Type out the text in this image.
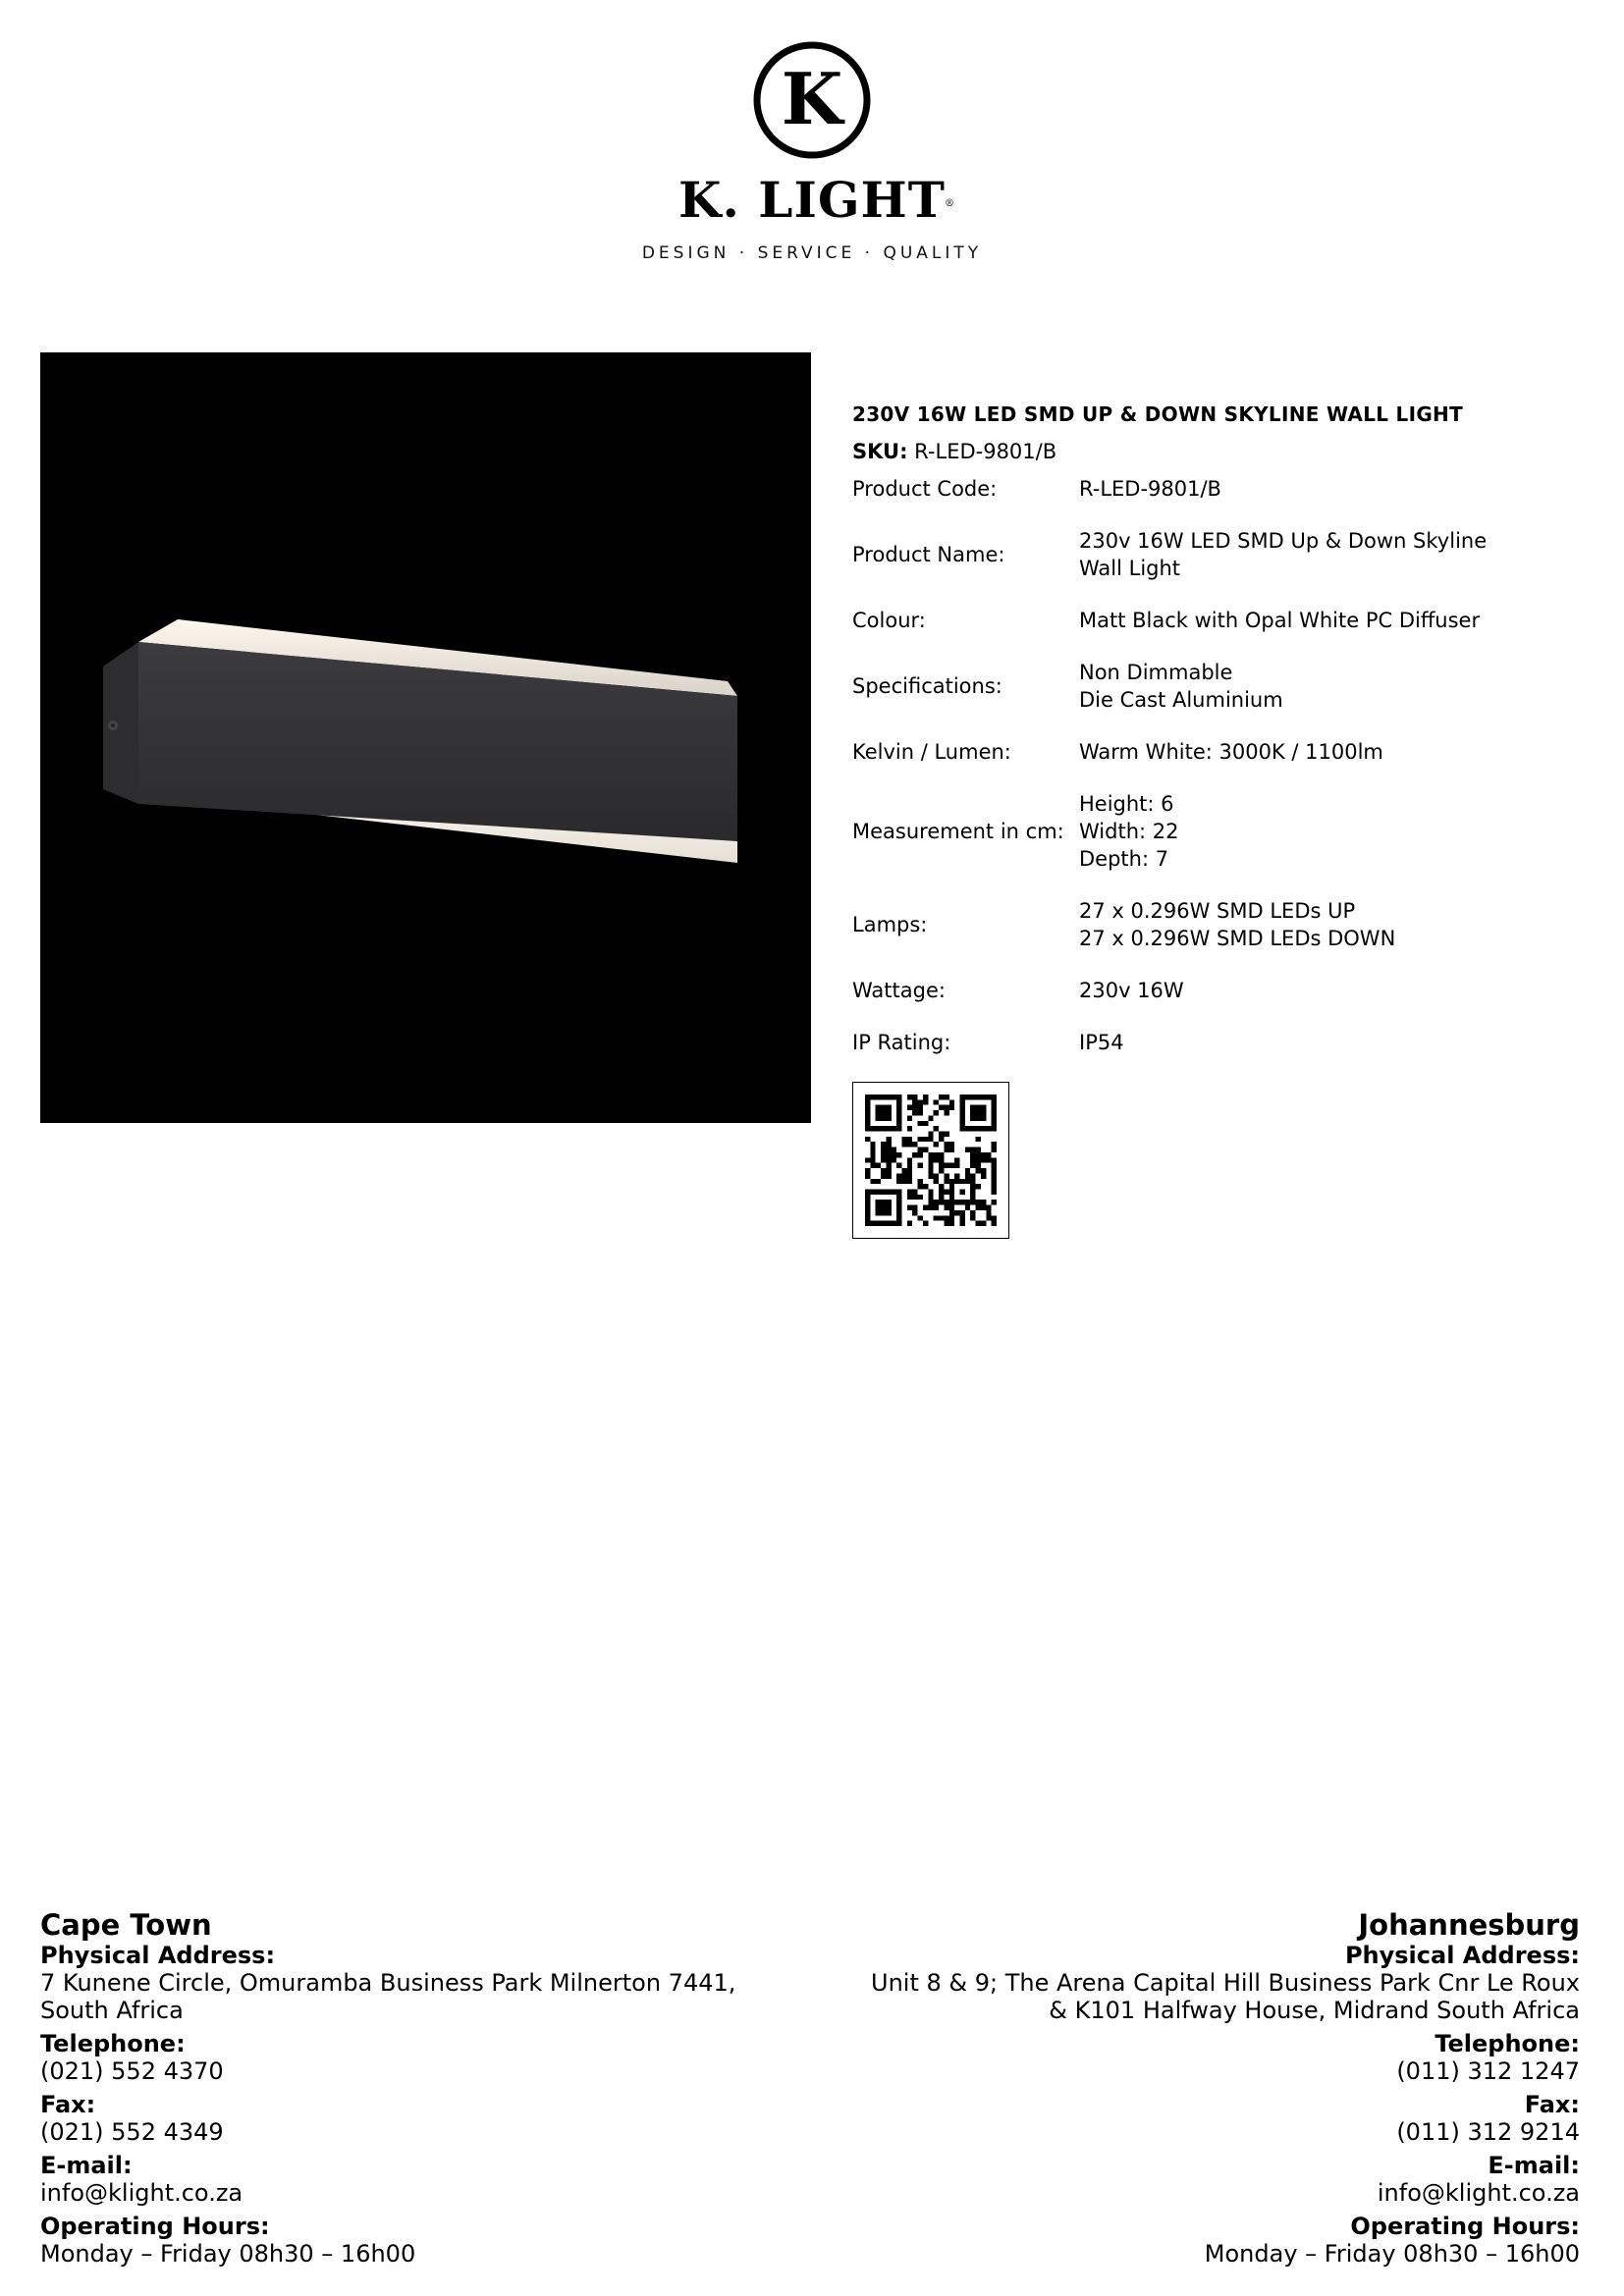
K
K. LIGHT ®
DESIGN · SERVICE · QUALITY
230V 16W LED SMD UP & DOWN SKYLINE WALL LIGHT
SKU: R-LED-9801/B
Product Code:	R-LED-9801/B
Product Name:
230v 16W LED SMD Up & Down Skyline
Wall Light
Colour:	Matt Black with Opal White PC Diffuser
Specifications:
Non Dimmable
Die Cast Aluminium
Kelvin / Lumen:	Warm White: 3000K / 1100lm
Measurement in cm:
Height: 6
Width: 22
Depth: 7
Lamps:
27 x 0.296W SMD LEDs UP
27 x 0.296W SMD LEDs DOWN
Wattage:	230v 16W
IP Rating:	IP54
Cape Town
Physical Address:
7 Kunene Circle, Omuramba Business Park Milnerton 7441,
South Africa
Telephone:
(021) 552 4370
Fax:
(021) 552 4349
E-mail:
info@klight.co.za
Operating Hours:
Monday – Friday 08h30 – 16h00
Johannesburg
Physical Address:
Unit 8 & 9; The Arena Capital Hill Business Park Cnr Le Roux
& K101 Halfway House, Midrand South Africa
Telephone:
(011) 312 1247
Fax:
(011) 312 9214
E-mail:
info@klight.co.za
Operating Hours:
Monday – Friday 08h30 – 16h00
